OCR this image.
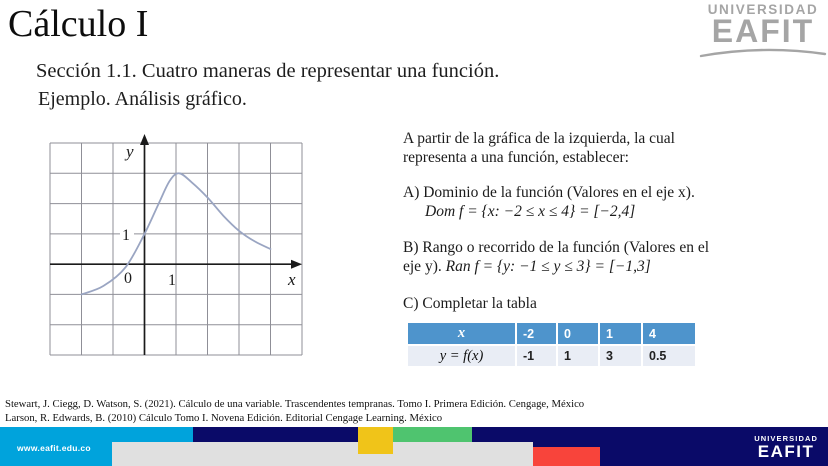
Cálculo I
Sección 1.1. Cuatro maneras de representar una función.
Ejemplo. Análisis gráfico.
UNIVERSIDAD
EAFIT
y
x
1
0 1
A partir de la gráfica de la izquierda, la cual
representa a una función, establecer:
A) Dominio de la función (Valores en el eje x).
Dom f = {x: −2 ≤ x ≤ 4} = [−2,4]
B) Rango o recorrido de la función (Valores en el
eje y). Ran f = {y: −1 ≤ y ≤ 3} = [−1,3]
C) Completar la tabla
x	-2	0	1	4
y = f(x)	-1	1	3	0.5
Stewart, J. Ciegg, D. Watson, S. (2021). Cálculo de una variable. Trascendentes tempranas. Tomo I. Primera Edición. Cengage, México
Larson, R. Edwards, B. (2010) Cálculo Tomo I. Novena Edición. Editorial Cengage Learning. México
www.eafit.edu.co
UNIVERSIDAD
EAFIT
